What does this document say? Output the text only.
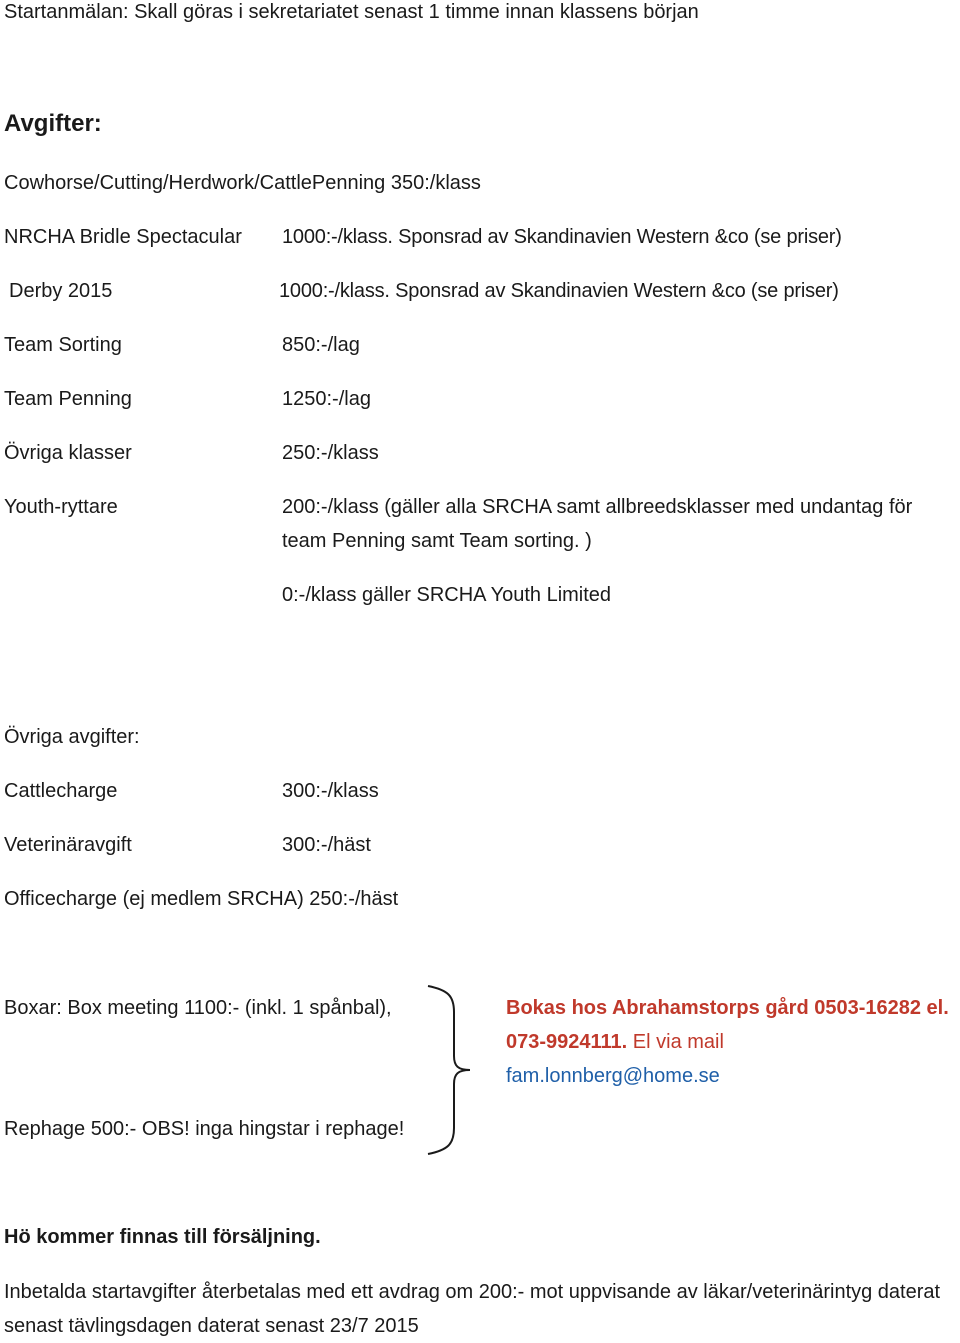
Startanmälan: Skall göras i sekretariatet senast 1 timme innan klassens början
Avgifter:
Cowhorse/Cutting/Herdwork/CattlePenning 350:/klass
NRCHA Bridle Spectacular 1000:-/klass. Sponsrad av Skandinavien Western &co (se priser)
Derby 2015	1000:-/klass. Sponsrad av Skandinavien Western &co (se priser)
Team Sorting	850:-/lag
Team Penning	1250:-/lag
Övriga klasser	250:-/klass
Youth-ryttare	200:-/klass (gäller alla SRCHA samt allbreedsklasser med undantag för team Penning samt Team sorting. )
0:-/klass gäller SRCHA Youth Limited
Övriga avgifter:
Cattlecharge	300:-/klass
Veterinäravgift	300:-/häst
Officecharge (ej medlem SRCHA) 250:-/häst
Boxar: Box meeting 1100:- (inkl. 1 spånbal),	Bokas hos Abrahamstorps gård 0503-16282 el. 073-9924111. El via mail
fam.lonnberg@home.se
Rephage 500:- OBS! inga hingstar i rephage!
Hö kommer finnas till försäljning.
Inbetalda startavgifter återbetalas med ett avdrag om 200:- mot uppvisande av läkar/veterinärintyg daterat senast tävlingsdagen daterat senast 23/7 2015
